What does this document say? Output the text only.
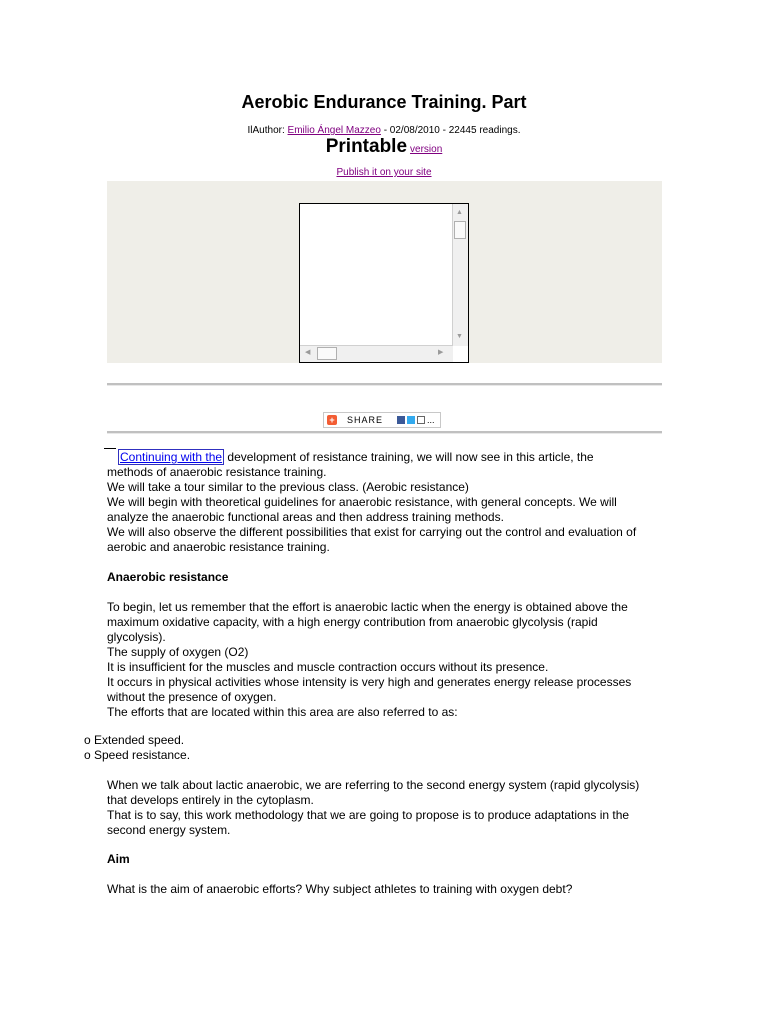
Aerobic Endurance Training. Part
IlAuthor: Emilio Ángel Mazzeo - 02/08/2010 - 22445 readings.
Printable version
Publish it on your site
▲
▼
◀	▶
+ SHARE	...

Continuing with the development of resistance training, we will now see in this article, the

methods of anaerobic resistance training.

We will take a tour similar to the previous class. (Aerobic resistance)

We will begin with theoretical guidelines for anaerobic resistance, with general concepts. We will analyze the anaerobic functional areas and then address training methods.

We will also observe the different possibilities that exist for carrying out the control and evaluation of aerobic and anaerobic resistance training.

Anaerobic resistance

To begin, let us remember that the effort is anaerobic lactic when the energy is obtained above the maximum oxidative capacity, with a high energy contribution from anaerobic glycolysis (rapid glycolysis).

The supply of oxygen (O2)

It is insufficient for the muscles and muscle contraction occurs without its presence.

It occurs in physical activities whose intensity is very high and generates energy release processes without the presence of oxygen.

The efforts that are located within this area are also referred to as:

o Extended speed.
o Speed resistance.

When we talk about lactic anaerobic, we are referring to the second energy system (rapid glycolysis) that develops entirely in the cytoplasm.

That is to say, this work methodology that we are going to propose is to produce adaptations in the second energy system.

Aim
What is the aim of anaerobic efforts? Why subject athletes to training with oxygen debt?
